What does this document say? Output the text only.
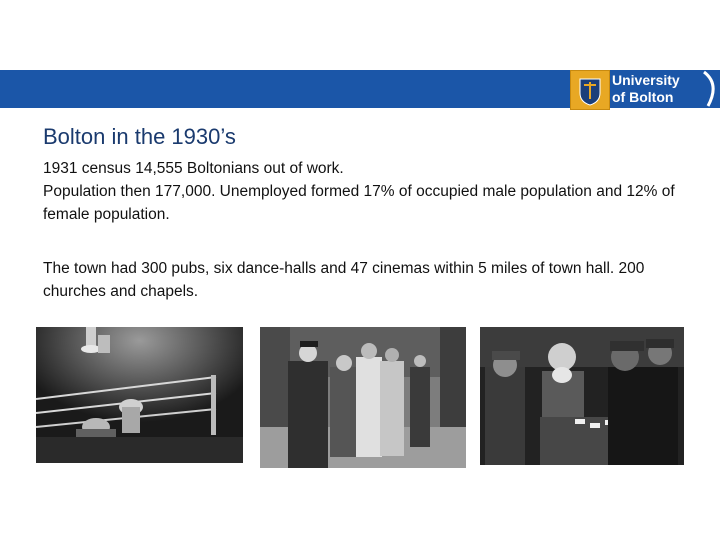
University
of Bolton
Bolton in the 1930’s
1931 census 14,555 Boltonians out of work.
Population then 177,000. Unemployed formed 17% of occupied male population and 12% of female population.
The town had 300 pubs, six dance-halls and 47 cinemas within 5 miles of town hall. 200 churches and chapels.
